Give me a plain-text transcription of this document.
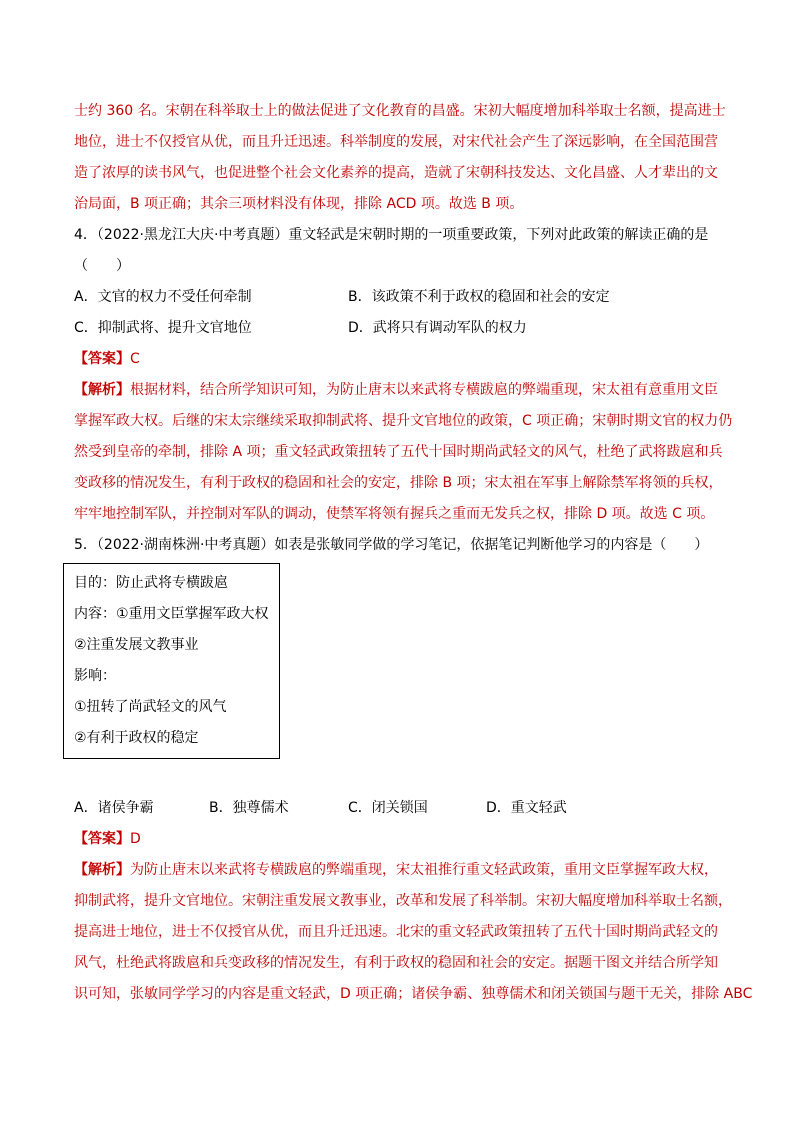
士约 360 名。宋朝在科举取士上的做法促进了文化教育的昌盛。宋初大幅度增加科举取士名额，提高进士
地位，进士不仅授官从优，而且升迁迅速。科举制度的发展，对宋代社会产生了深远影响，在全国范围营
造了浓厚的读书风气，也促进整个社会文化素养的提高，造就了宋朝科技发达、文化昌盛、人才辈出的文
治局面，B 项正确；其余三项材料没有体现，排除 ACD 项。故选 B 项。
4．（2022·黑龙江大庆·中考真题）重文轻武是宋朝时期的一项重要政策，下列对此政策的解读正确的是
（　　）
A．文官的权力不受任何牵制	B．该政策不利于政权的稳固和社会的安定
C．抑制武将、提升文官地位	D．武将只有调动军队的权力
【答案】C
【解析】根据材料，结合所学知识可知，为防止唐末以来武将专横跋扈的弊端重现，宋太祖有意重用文臣
掌握军政大权。后继的宋太宗继续采取抑制武将、提升文官地位的政策，C 项正确；宋朝时期文官的权力仍
然受到皇帝的牵制，排除 A 项；重文轻武政策扭转了五代十国时期尚武轻文的风气，杜绝了武将跋扈和兵
变政移的情况发生，有利于政权的稳固和社会的安定，排除 B 项；宋太祖在军事上解除禁军将领的兵权，
牢牢地控制军队，并控制对军队的调动，使禁军将领有握兵之重而无发兵之权，排除 D 项。故选 C 项。
5．（2022·湖南株洲·中考真题）如表是张敏同学做的学习笔记，依据笔记判断他学习的内容是（　　）
目的：防止武将专横跋扈
内容：①重用文臣掌握军政大权
②注重发展文教事业
影响：
①扭转了尚武轻文的风气
②有利于政权的稳定
A．诸侯争霸	B．独尊儒术	C．闭关锁国	D．重文轻武
【答案】D
【解析】为防止唐末以来武将专横跋扈的弊端重现，宋太祖推行重文轻武政策，重用文臣掌握军政大权，
抑制武将，提升文官地位。宋朝注重发展文教事业，改革和发展了科举制。宋初大幅度增加科举取士名额，
提高进士地位，进士不仅授官从优，而且升迁迅速。北宋的重文轻武政策扭转了五代十国时期尚武轻文的
风气，杜绝武将跋扈和兵变政移的情况发生，有利于政权的稳固和社会的安定。据题干图文并结合所学知
识可知，张敏同学学习的内容是重文轻武，D 项正确；诸侯争霸、独尊儒术和闭关锁国与题干无关，排除 ABC
